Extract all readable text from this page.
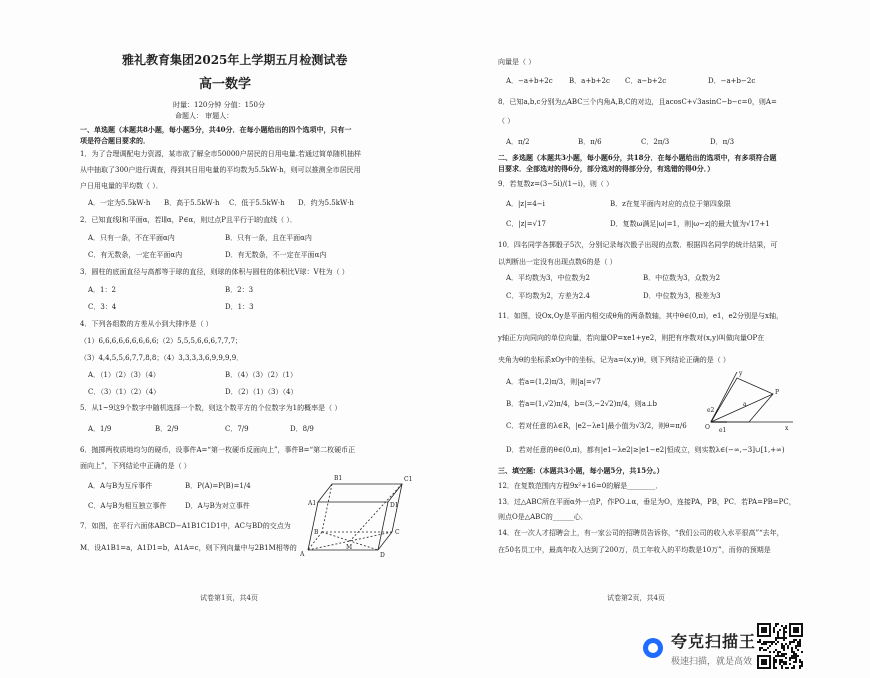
雅礼教育集团2025年上学期五月检测试卷
高一数学
时量：120分钟 分值：150分
命题人： 审题人：
一、单选题（本题共8小题，每小题5分，共40分．在每小题给出的四个选项中，只有一
项是符合题目要求的．
1．为了合理调配电力资源，某市欲了解全市50000户居民的日用电量.若通过简单随机抽样
从中抽取了300户进行调查，得到其日用电量的平均数为5.5kW·h，则可以推测全市居民用
户日用电量的平均数（ ）．
A．一定为5.5kW·h B．高于5.5kW·h C．低于5.5kW·h D．约为5.5kW·h
2．已知直线l和平面α，若l∥α，P∈α，则过点P且平行于l的直线（ ）．
A．只有一条，不在平面α内	B．只有一条，且在平面α内
C．有无数条，一定在平面α内	D．有无数条，不一定在平面α内
3．圆柱的底面直径与高都等于球的直径，则球的体积与圆柱的体积比V球：V柱为（ ）
A．1：2	B．2：3
C．3：4	D．1：3
4．下列各组数的方差从小到大排序是（ ）
（1）6,6,6,6,6,6,6,6,6;（2）5,5,5,6,6,6,7,7,7；
（3）4,4,5,5,6,7,7,8,8；（4）3,3,3,3,6,9,9,9,9．
A．（1）（2）（3）（4）	B．（4）（3）（2）（1）
C．（3）（1）（2）（4）	D．（2）（1）（3）（4）
5．从1~9这9个数字中随机选择一个数，则这个数平方的个位数字为1的概率是（ ）
A．1/9	B．2/9	C．7/9	D．8/9
6．抛掷两枚质地均匀的硬币，设事件A=“第一枚硬币反面向上”，事件B=“第二枚硬币正
面向上”，下列结论中正确的是（ ）
A．A与B为互斥事件	B．P(A)=P(B)=1/4
C．A与B为相互独立事件	D．A与B为对立事件
7．如图，在平行六面体ABCD−A1B1C1D1中，AC与BD的交点为
M．设A1B1=a，A1D1=b，A1A=c，则下列向量中与2B1M相等的
B1	C1
A1	D1
B	C
A	D
M
试卷第1页，共4页
向量是（ ）
A．−a+b+2c B．a+b+2c C．a−b+2c	D．−a+b−2c
8．已知a,b,c分别为△ABC三个内角A,B,C的对边，且acosC+√3asinC−b−c=0，则A=
（ ）
A．π/2	B．π/6	C．2π/3	D．π/3
二、多选题（本题共3小题，每小题6分，共18分．在每小题给出的选项中，有多项符合题
目要求．全部选对的得6分，部分选对的得部分分，有选错的得0分．）
9．若复数z=(3−5i)/(1−i)，则（ ）
A．|z|=4−i	B．z在复平面内对应的点位于第四象限
C．|z|=√17	D．复数ω满足|ω|=1，则|ω−z|的最大值为√17+1
10．四名同学各掷骰子5次，分别记录每次骰子出现的点数．根据四名同学的统计结果，可
以判断出一定没有出现点数6的是（ ）
A．平均数为3，中位数为2	B．中位数为3，众数为2
C．平均数为2，方差为2.4	D．中位数为3，极差为3
11．如图，设Ox,Oy是平面内相交成θ角的两条数轴，其中θ∈(0,π)，e1，e2分别是与x轴，
y轴正方向同向的单位向量，若向量OP=xe1+ye2，则把有序数对(x,y)叫做向量OP在
夹角为θ的坐标系xOy中的坐标，记为a=(x,y)θ，则下列结论正确的是（ ）
A．若a=(1,2)π/3，则|a|=√7
B．若a=(1,√2)π/4，b=(3,−2√2)π/4，则a⊥b
C．若对任意的λ∈R，|e2−λe1|最小值为√3/2，则θ=π/6
D．若对任意的θ∈(0,π)，都有|e1−λe2|≥|e1−e2|恒成立，则实数λ∈(−∞,−3]∪[1,+∞)
y
P
O	x
a
e1
e2
三、填空题:（本题共3小题，每小题5分，共15分。）
12．在复数范围内方程9x²+16=0的解是________．
13．过△ABC所在平面α外一点P，作PO⊥α，垂足为O，连接PA，PB，PC．若PA=PB=PC，
则点O是△ABC的______心．
14．在一次人才招聘会上，有一家公司的招聘员告诉你，“我们公司的收入水平很高”“去年，
在50名员工中，最高年收入达到了200万，员工年收入的平均数是10万”，而你的预期是
试卷第2页，共4页
夸克扫描王
极速扫描，就是高效
